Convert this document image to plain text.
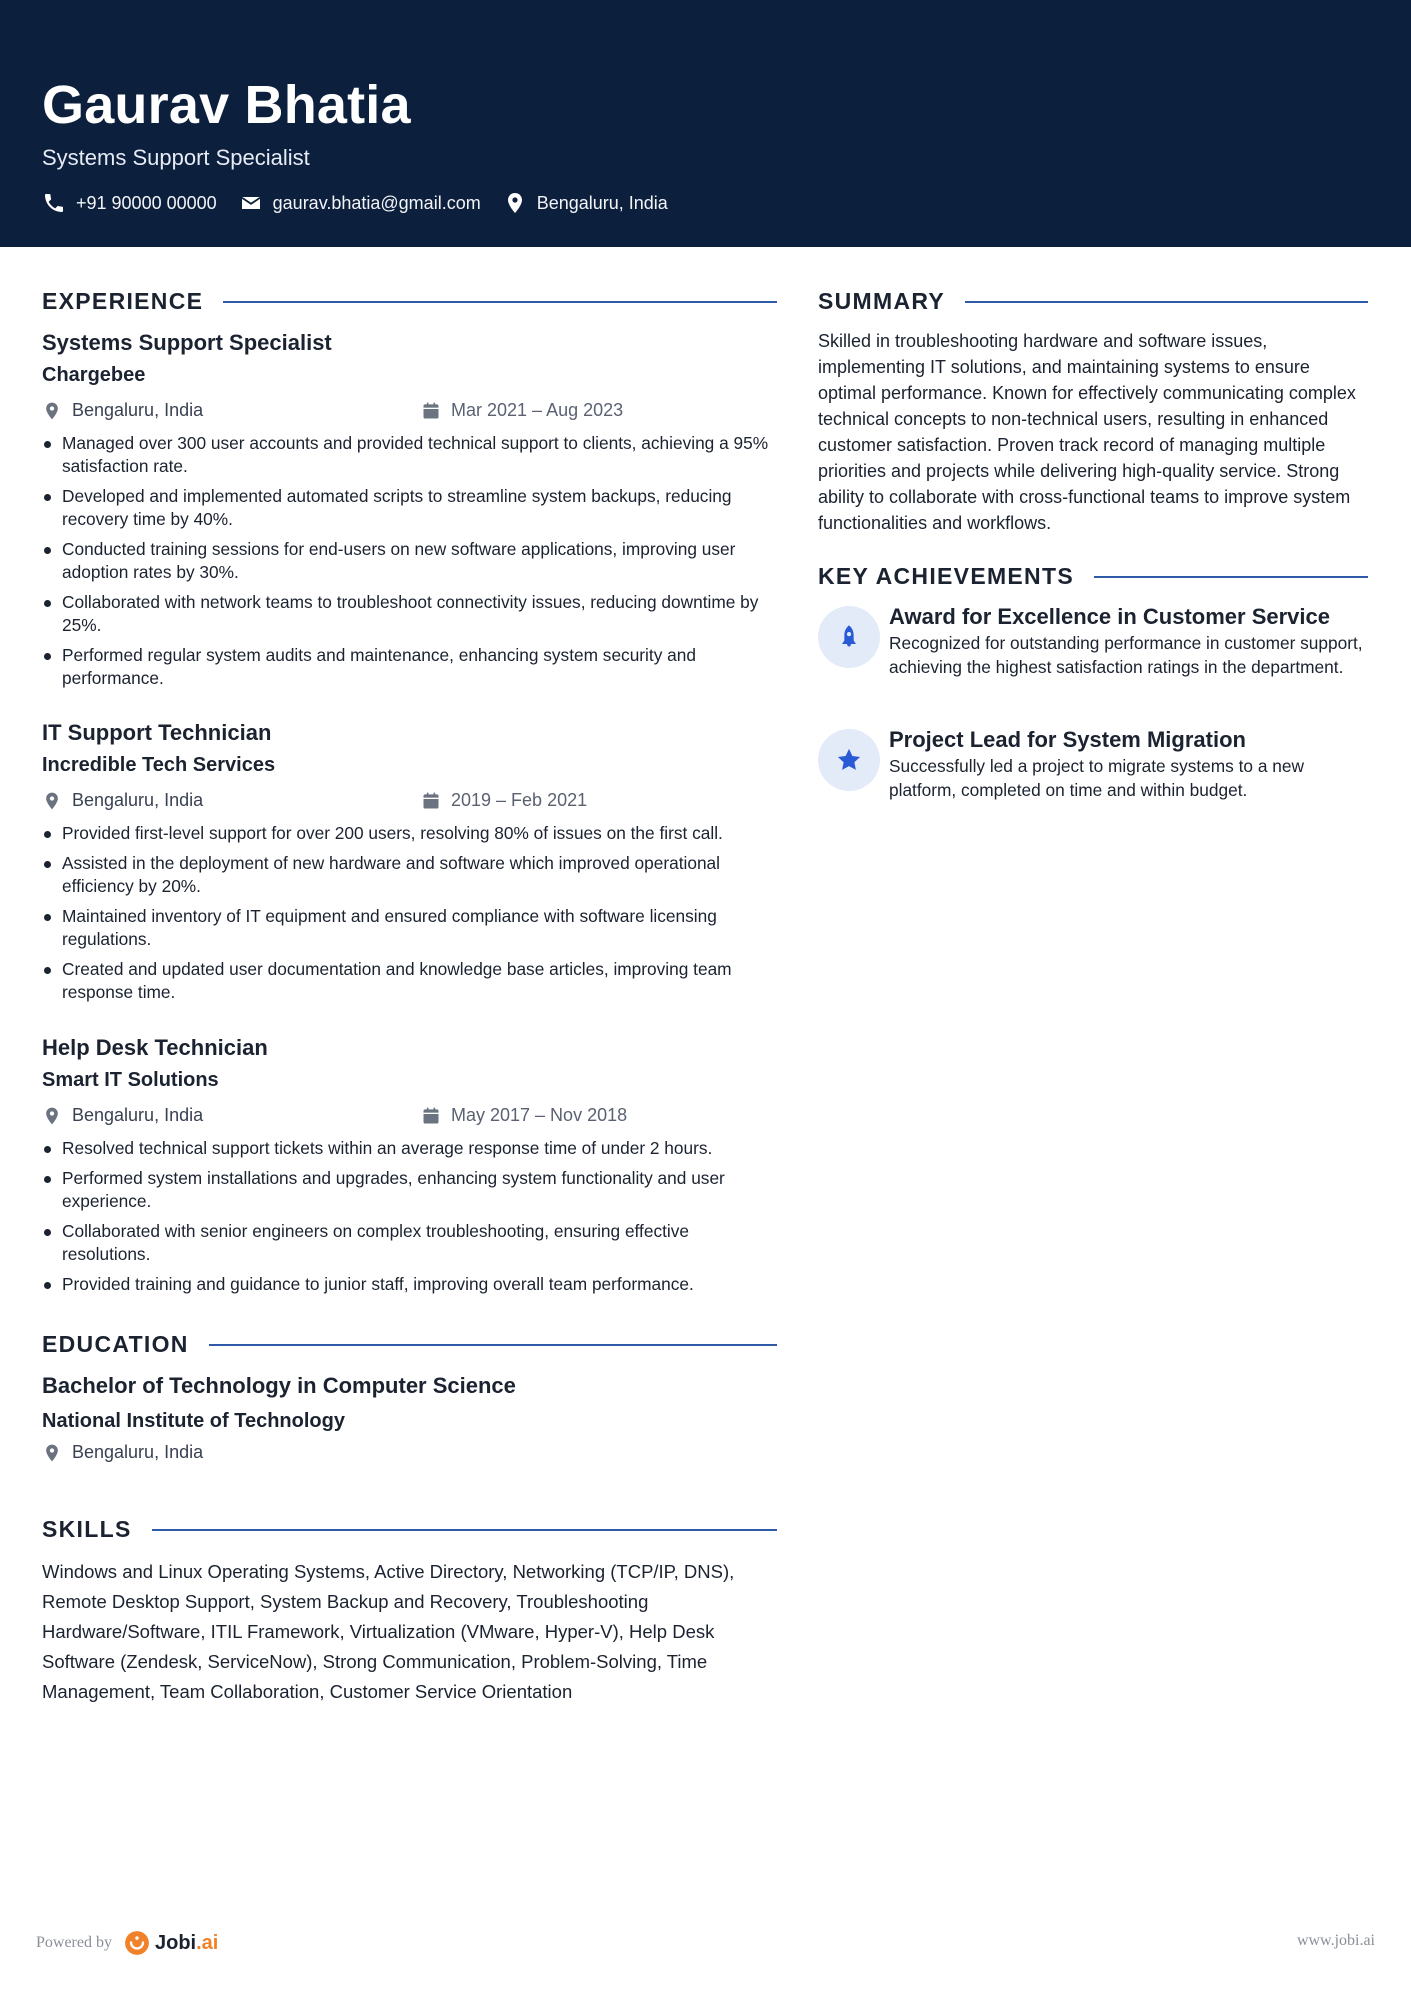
Gaurav Bhatia
Systems Support Specialist
+91 90000 00000	gaurav.bhatia@gmail.com	Bengaluru, India
EXPERIENCE
Systems Support Specialist
Chargebee
Bengaluru, India	Mar 2021 – Aug 2023
Managed over 300 user accounts and provided technical support to clients, achieving a 95% satisfaction rate.
Developed and implemented automated scripts to streamline system backups, reducing recovery time by 40%.
Conducted training sessions for end-users on new software applications, improving user adoption rates by 30%.
Collaborated with network teams to troubleshoot connectivity issues, reducing downtime by 25%.
Performed regular system audits and maintenance, enhancing system security and performance.
IT Support Technician
Incredible Tech Services
Bengaluru, India	2019 – Feb 2021
Provided first-level support for over 200 users, resolving 80% of issues on the first call.
Assisted in the deployment of new hardware and software which improved operational efficiency by 20%.
Maintained inventory of IT equipment and ensured compliance with software licensing regulations.
Created and updated user documentation and knowledge base articles, improving team response time.
Help Desk Technician
Smart IT Solutions
Bengaluru, India	May 2017 – Nov 2018
Resolved technical support tickets within an average response time of under 2 hours.
Performed system installations and upgrades, enhancing system functionality and user experience.
Collaborated with senior engineers on complex troubleshooting, ensuring effective resolutions.
Provided training and guidance to junior staff, improving overall team performance.
EDUCATION
Bachelor of Technology in Computer Science
National Institute of Technology
Bengaluru, India
SKILLS
Windows and Linux Operating Systems, Active Directory, Networking (TCP/IP, DNS), Remote Desktop Support, System Backup and Recovery, Troubleshooting Hardware/Software, ITIL Framework, Virtualization (VMware, Hyper-V), Help Desk Software (Zendesk, ServiceNow), Strong Communication, Problem-Solving, Time Management, Team Collaboration, Customer Service Orientation
SUMMARY
Skilled in troubleshooting hardware and software issues, implementing IT solutions, and maintaining systems to ensure optimal performance. Known for effectively communicating complex technical concepts to non-technical users, resulting in enhanced customer satisfaction. Proven track record of managing multiple priorities and projects while delivering high-quality service. Strong ability to collaborate with cross-functional teams to improve system functionalities and workflows.
KEY ACHIEVEMENTS
Award for Excellence in Customer Service
Recognized for outstanding performance in customer support, achieving the highest satisfaction ratings in the department.
Project Lead for System Migration
Successfully led a project to migrate systems to a new platform, completed on time and within budget.
Powered by Jobi.ai	www.jobi.ai
